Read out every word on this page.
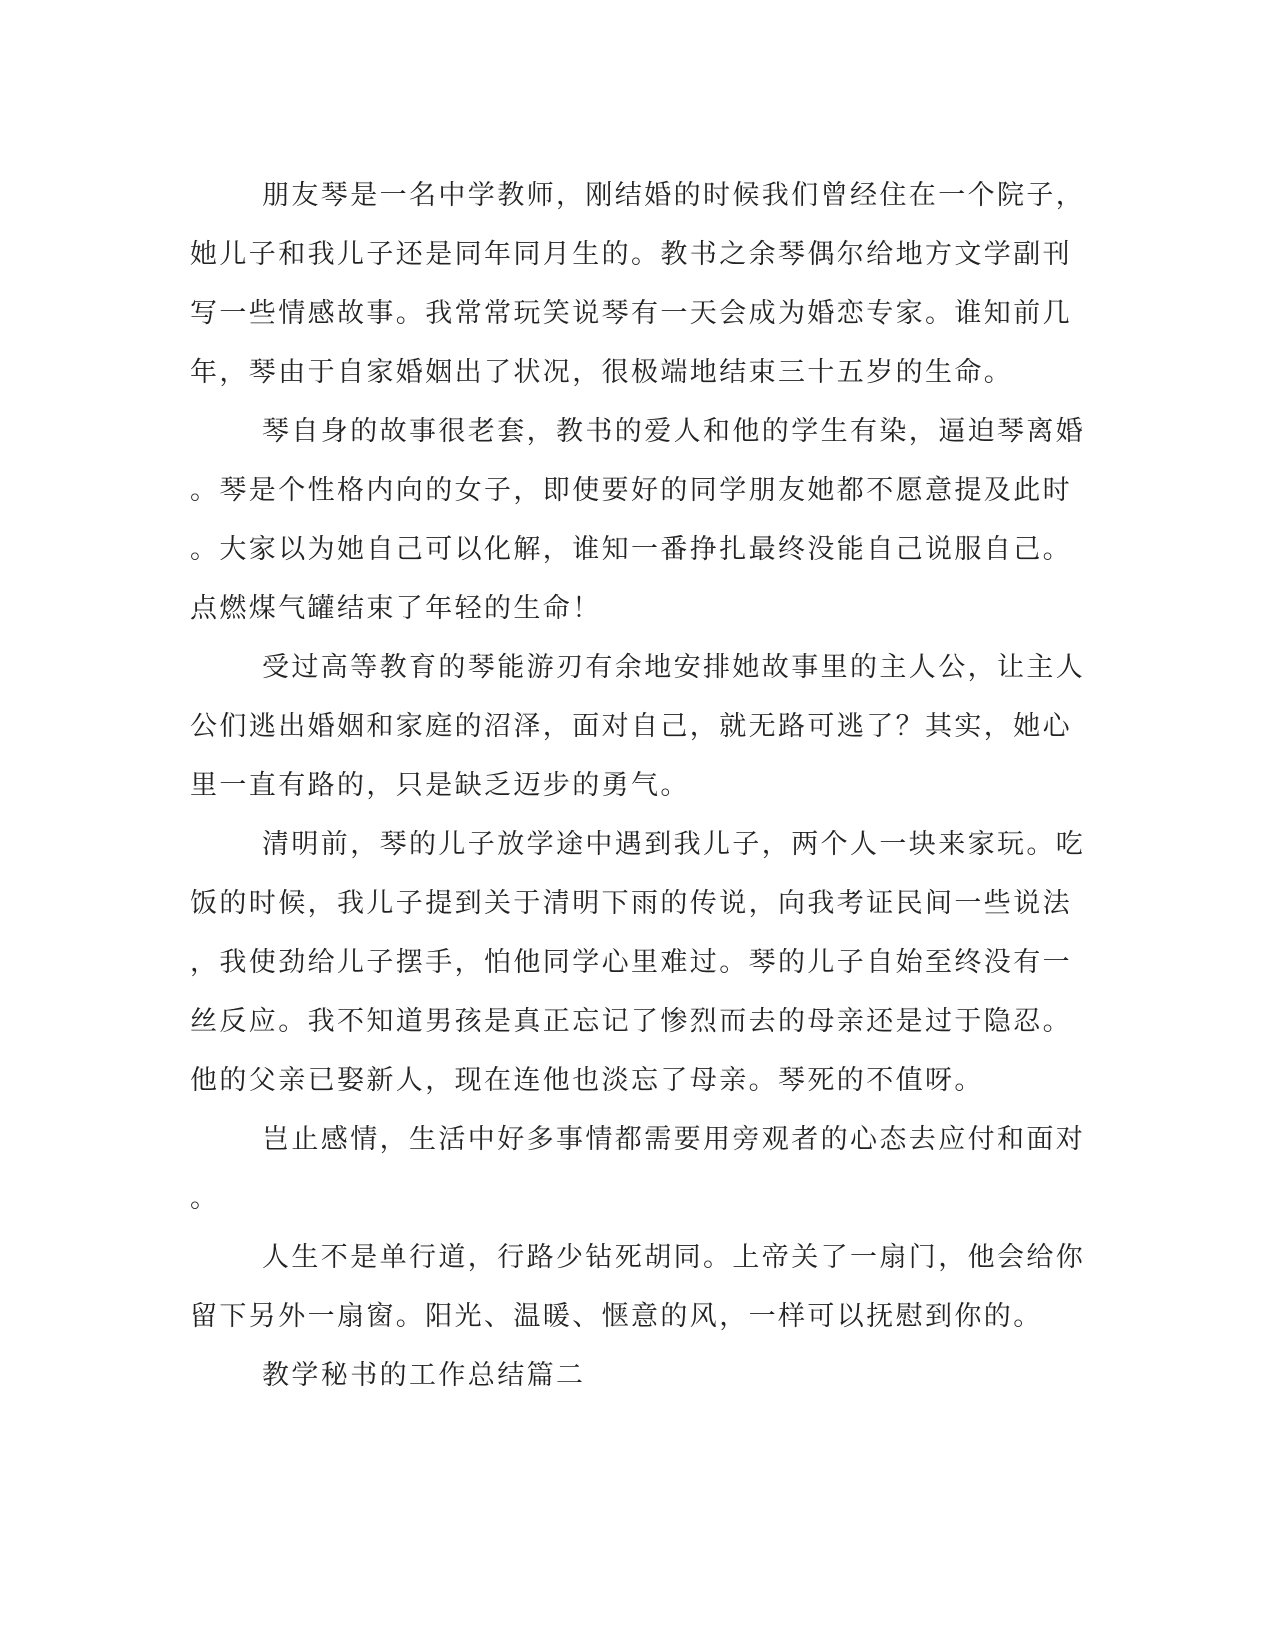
朋友琴是一名中学教师，刚结婚的时候我们曾经住在一个院子，
她儿子和我儿子还是同年同月生的。教书之余琴偶尔给地方文学副刊
写一些情感故事。我常常玩笑说琴有一天会成为婚恋专家。谁知前几
年，琴由于自家婚姻出了状况，很极端地结束三十五岁的生命。
琴自身的故事很老套，教书的爱人和他的学生有染，逼迫琴离婚
。琴是个性格内向的女子，即使要好的同学朋友她都不愿意提及此时
。大家以为她自己可以化解，谁知一番挣扎最终没能自己说服自己。
点燃煤气罐结束了年轻的生命！
受过高等教育的琴能游刃有余地安排她故事里的主人公，让主人
公们逃出婚姻和家庭的沼泽，面对自己，就无路可逃了？其实，她心
里一直有路的，只是缺乏迈步的勇气。
清明前，琴的儿子放学途中遇到我儿子，两个人一块来家玩。吃
饭的时候，我儿子提到关于清明下雨的传说，向我考证民间一些说法
，我使劲给儿子摆手，怕他同学心里难过。琴的儿子自始至终没有一
丝反应。我不知道男孩是真正忘记了惨烈而去的母亲还是过于隐忍。
他的父亲已娶新人，现在连他也淡忘了母亲。琴死的不值呀。
岂止感情，生活中好多事情都需要用旁观者的心态去应付和面对
。
人生不是单行道，行路少钻死胡同。上帝关了一扇门，他会给你
留下另外一扇窗。阳光、温暖、惬意的风，一样可以抚慰到你的。
教学秘书的工作总结篇二
